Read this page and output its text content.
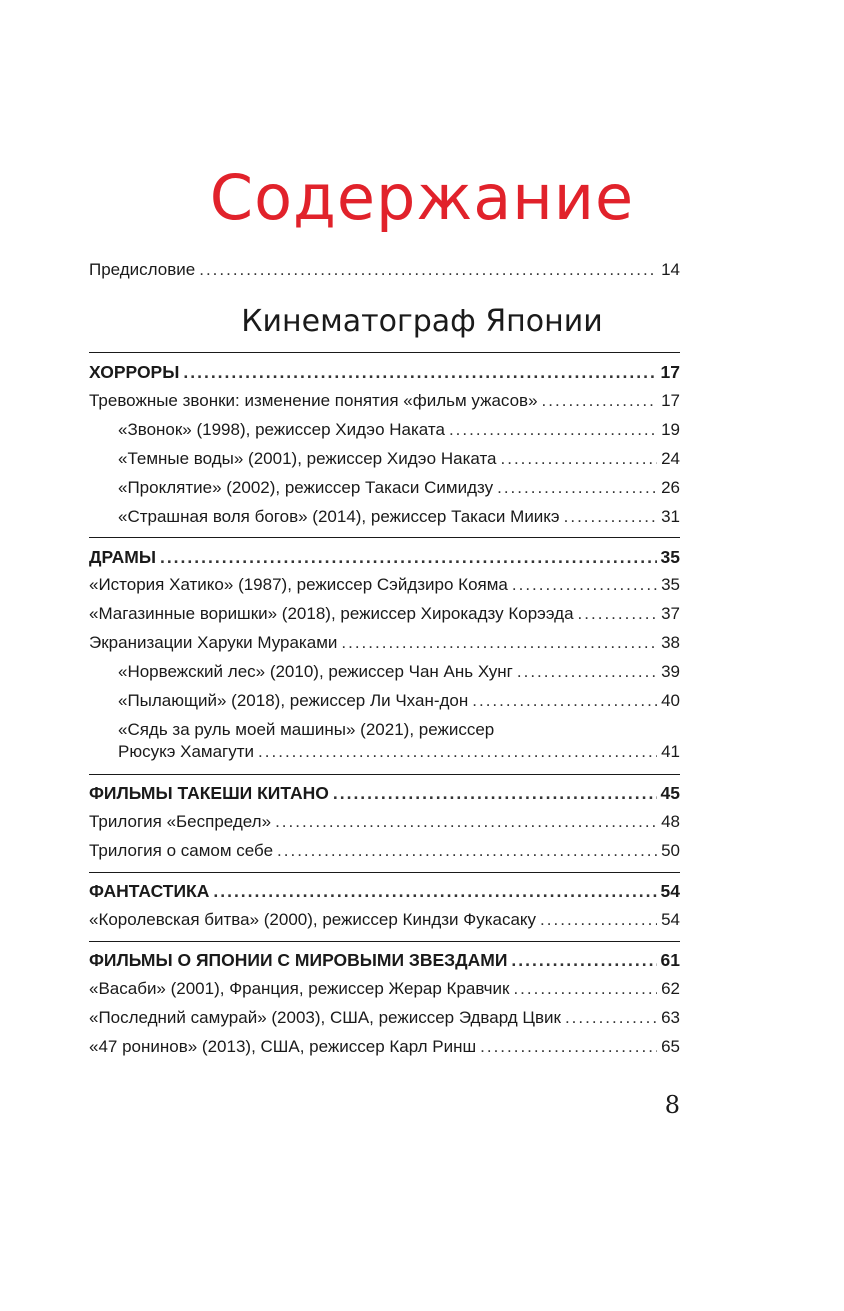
Содержание
Предисловие .....	14
Кинематограф Японии
ХОРРОРЫ .....	17
Тревожные звонки: изменение понятия «фильм ужасов» .....	17
«Звонок» (1998), режиссер Хидэо Наката .....	19
«Темные воды» (2001), режиссер Хидэо Наката .....	24
«Проклятие» (2002), режиссер Такаси Симидзу .....	26
«Страшная воля богов» (2014), режиссер Такаси Миикэ .....	31
ДРАМЫ .....	35
«История Хатико» (1987), режиссер Сэйдзиро Кояма .....	35
«Магазинные воришки» (2018), режиссер Хирокадзу Корээда .....	37
Экранизации Харуки Мураками .....	38
«Норвежский лес» (2010), режиссер Чан Ань Хунг .....	39
«Пылающий» (2018), режиссер Ли Чхан-дон .....	40
«Сядь за руль моей машины» (2021), режиссер
Рюсукэ Хамагути .....	41
ФИЛЬМЫ ТАКЕШИ КИТАНО .....	45
Трилогия «Беспредел» .....	48
Трилогия о самом себе .....	50
ФАНТАСТИКА .....	54
«Королевская битва» (2000), режиссер Киндзи Фукасаку .....	54
ФИЛЬМЫ О ЯПОНИИ С МИРОВЫМИ ЗВЕЗДАМИ .....	61
«Васаби» (2001), Франция, режиссер Жерар Кравчик .....	62
«Последний самурай» (2003), США, режиссер Эдвард Цвик .....	63
«47 ронинов» (2013), США, режиссер Карл Ринш .....	65
8
